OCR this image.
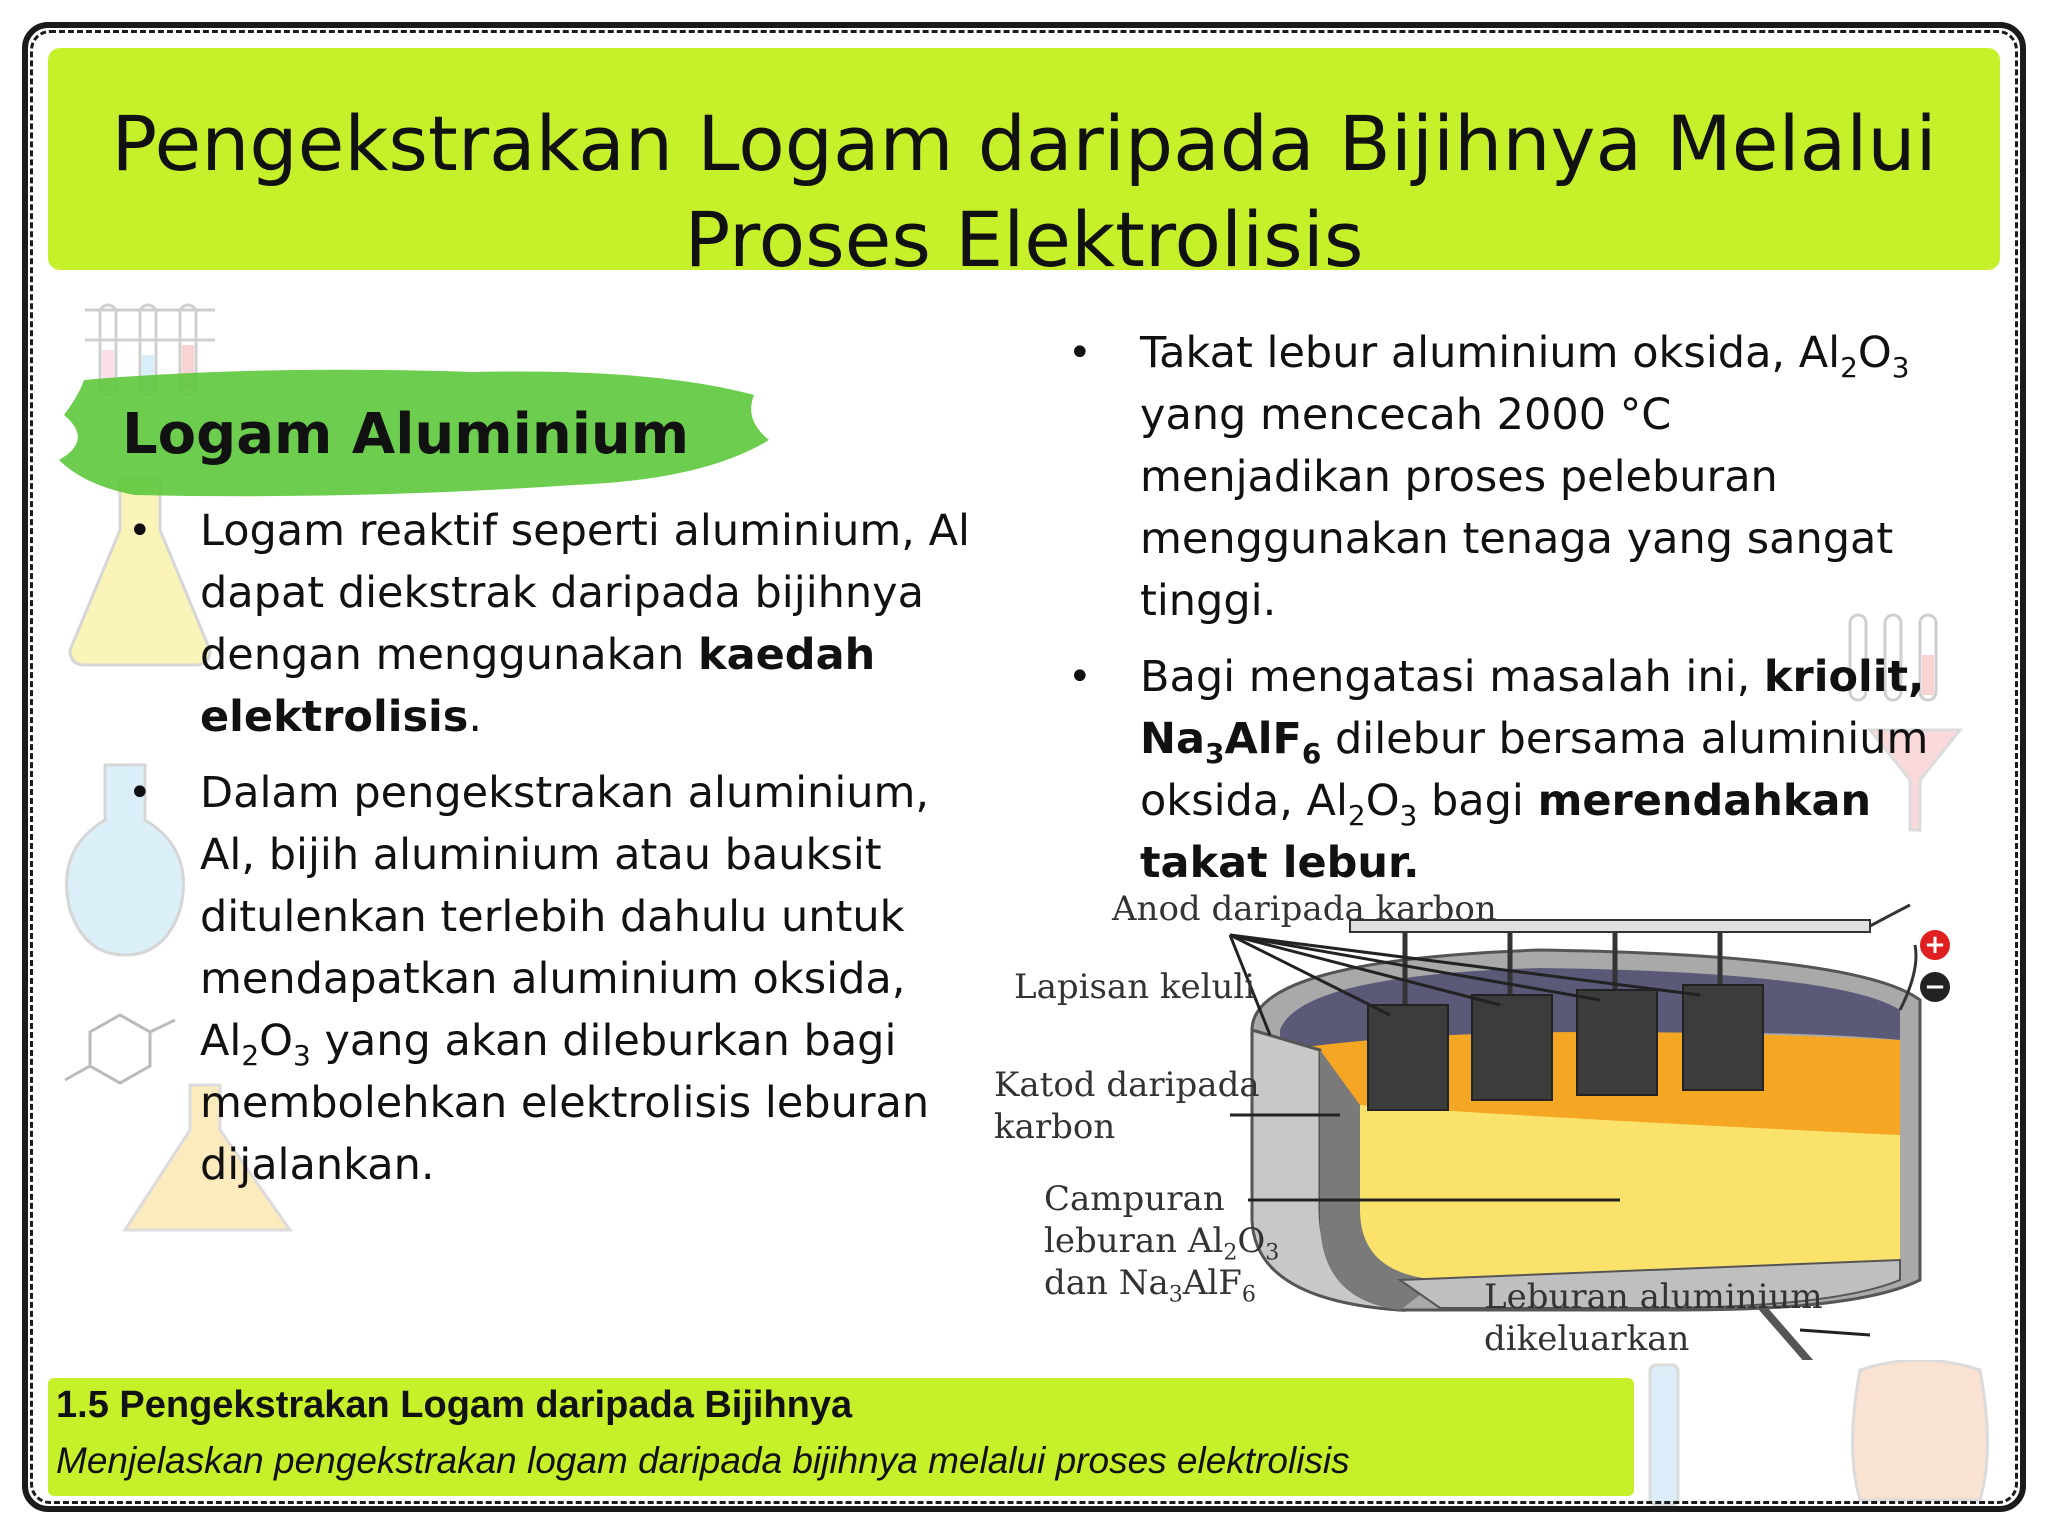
Pengekstrakan Logam daripada Bijihnya Melalui
Proses Elektrolisis
Logam Aluminium
• Logam reaktif seperti aluminium, Al dapat diekstrak daripada bijihnya dengan menggunakan kaedah elektrolisis.
• Dalam pengekstrakan aluminium, Al, bijih aluminium atau bauksit ditulenkan terlebih dahulu untuk mendapatkan aluminium oksida, $Al_2O_3$ yang akan dileburkan bagi membolehkan elektrolisis leburan dijalankan.
• Takat lebur aluminium oksida, $Al_2O_3$ yang mencecah 2000 °C menjadikan proses peleburan menggunakan tenaga yang sangat tinggi.
• Bagi mengatasi masalah ini, kriolit, $Na_3AlF_6$ dilebur bersama aluminium oksida, $Al_2O_3$ bagi merendahkan takat lebur.
+
−
Anod daripada karbon
Lapisan keluli
Katod daripada
karbon
Campuran
leburan $Al_2O_3$
dan $Na_3AlF_6$	Leburan aluminium
dikeluarkan
1.5 Pengekstrakan Logam daripada Bijihnya
Menjelaskan pengekstrakan logam daripada bijihnya melalui proses elektrolisis
